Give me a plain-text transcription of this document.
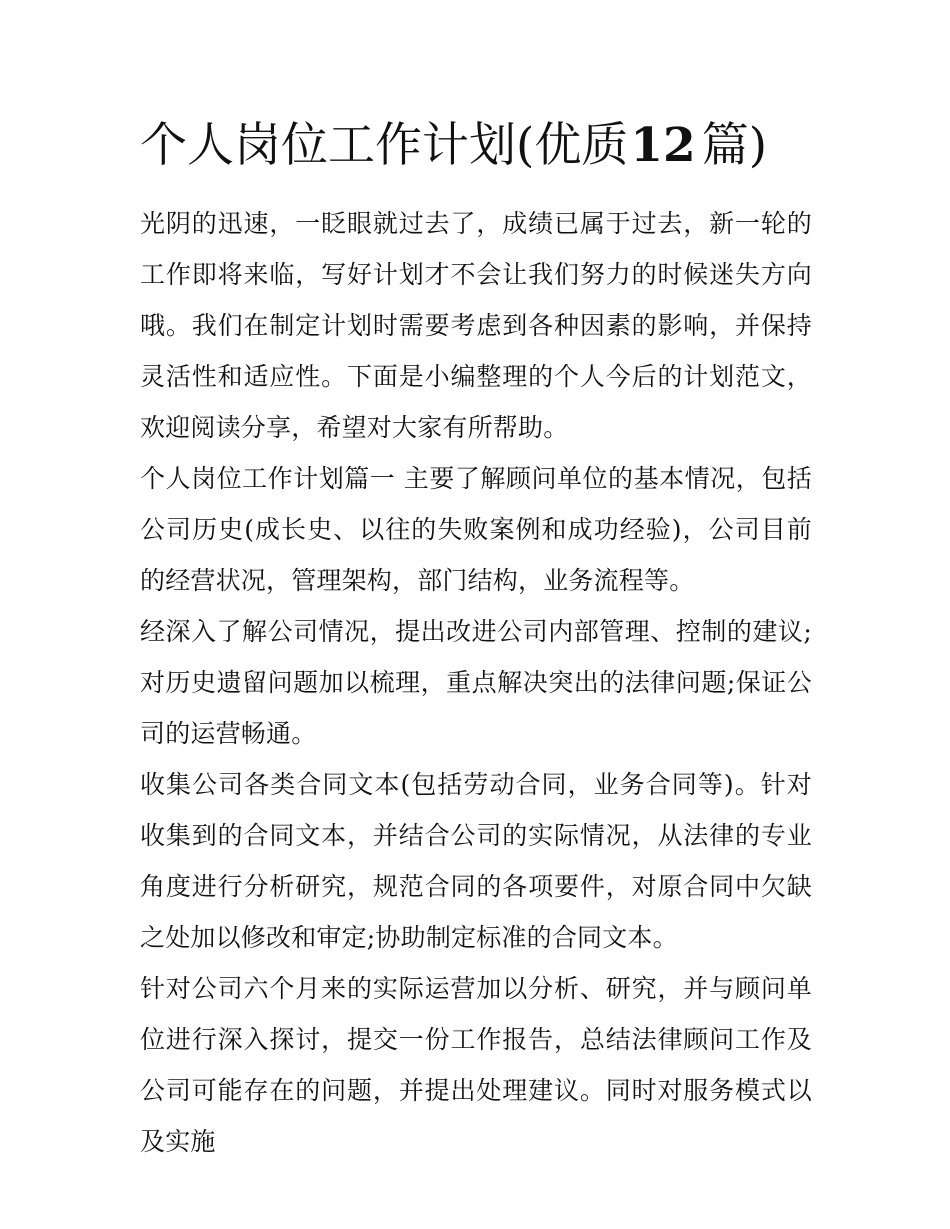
个人岗位工作计划(优质12 篇)

光阴的迅速，一眨眼就过去了，成绩已属于过去，新一轮的工作即将来临，写好计划才不会让我们努力的时候迷失方向哦。我们在制定计划时需要考虑到各种因素的影响，并保持灵活性和适应性。下面是小编整理的个人今后的计划范文，欢迎阅读分享，希望对大家有所帮助。

个人岗位工作计划篇一 主要了解顾问单位的基本情况，包括公司历史(成长史、以往的失败案例和成功经验)，公司目前的经营状况，管理架构，部门结构，业务流程等。

经深入了解公司情况，提出改进公司内部管理、控制的建议;对历史遗留问题加以梳理，重点解决突出的法律问题;保证公司的运营畅通。

收集公司各类合同文本(包括劳动合同，业务合同等)。针对收集到的合同文本，并结合公司的实际情况，从法律的专业角度进行分析研究，规范合同的各项要件，对原合同中欠缺之处加以修改和审定;协助制定标准的合同文本。

针对公司六个月来的实际运营加以分析、研究，并与顾问单位进行深入探讨，提交一份工作报告，总结法律顾问工作及公司可能存在的问题，并提出处理建议。同时对服务模式以及实施
